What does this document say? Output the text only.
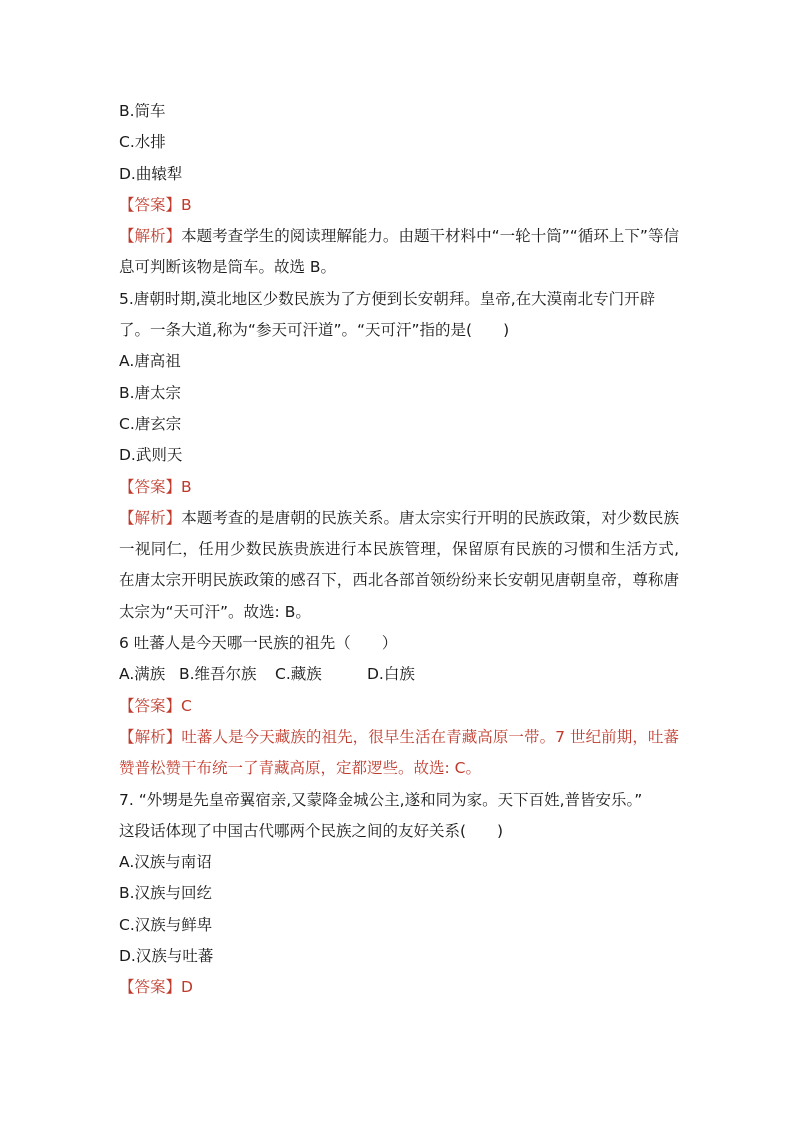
B.筒车
C.水排
D.曲辕犁
【答案】B
【解析】本题考查学生的阅读理解能力。由题干材料中“一轮十筒”“循环上下”等信息可判断该物是筒车。故选 B。
5.唐朝时期,漠北地区少数民族为了方便到长安朝拜。皇帝,在大漠南北专门开辟
了。一条大道,称为“参天可汗道”。“天可汗”指的是(　　)
A.唐高祖
B.唐太宗
C.唐玄宗
D.武则天
【答案】B
【解析】本题考查的是唐朝的民族关系。唐太宗实行开明的民族政策，对少数民族一视同仁，任用少数民族贵族进行本民族管理，保留原有民族的习惯和生活方式,在唐太宗开明民族政策的感召下，西北各部首领纷纷来长安朝见唐朝皇帝，尊称唐太宗为“天可汗”。故选: B。
6 吐蕃人是今天哪一民族的祖先（　　）
A.满族 B.维吾尔族 C.藏族	D.白族
【答案】C
【解析】吐蕃人是今天藏族的祖先，很早生活在青藏高原一带。7 世纪前期，吐蕃赞普松赞干布统一了青藏高原，定都逻些。故选: C。
7. “外甥是先皇帝翼宿亲,又蒙降金城公主,遂和同为家。天下百姓,普皆安乐。”
这段话体现了中国古代哪两个民族之间的友好关系(　　)
A.汉族与南诏
B.汉族与回纥
C.汉族与鲜卑
D.汉族与吐蕃
【答案】D
